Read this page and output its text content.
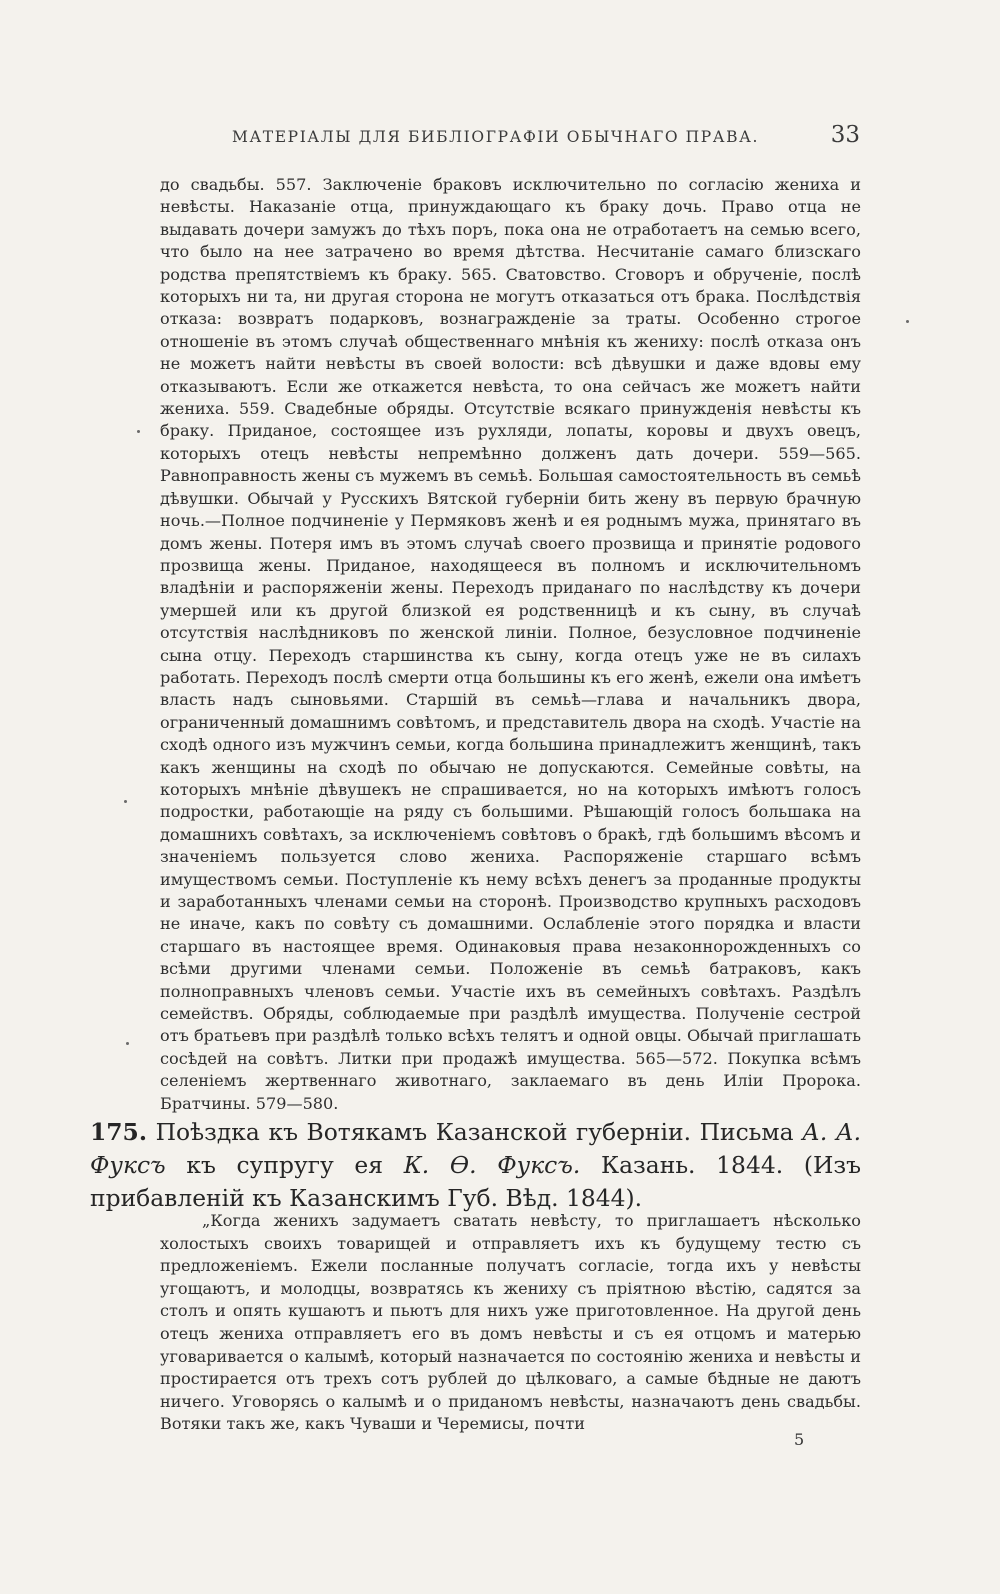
МАТЕРІАЛЫ ДЛЯ БИБЛІОГРАФІИ ОБЫЧНАГО ПРАВА.	33

до свадьбы. 557. Заключеніе браковъ исключительно по согласію жениха и невѣсты. Наказаніе отца, принуждающаго къ браку дочь. Право отца не выдавать дочери замужъ до тѣхъ поръ, пока она не отработаетъ на семью всего, что было на нее затрачено во время дѣтства. Несчитаніе самаго близскаго родства препятствіемъ къ браку. 565. Сватовство. Сговоръ и обрученіе, послѣ которыхъ ни та, ни другая сторона не могутъ отказаться отъ брака. Послѣдствія отказа: возвратъ подарковъ, вознагражденіе за траты. Особенно строгое отношеніе въ этомъ случаѣ общественнаго мнѣнія къ жениху: послѣ отказа онъ не можетъ найти невѣсты въ своей волости: всѣ дѣвушки и даже вдовы ему отказываютъ. Если же откажется невѣста, то она сейчасъ же можетъ найти жениха. 559. Свадебные обряды. Отсутствіе всякаго принужденія невѣсты къ браку. Приданое, состоящее изъ рухляди, лопаты, коровы и двухъ овецъ, которыхъ отецъ невѣсты непремѣнно долженъ дать дочери. 559—565. Равноправность жены съ мужемъ въ семьѣ. Большая самостоятельность въ семьѣ дѣвушки. Обычай у Русскихъ Вятской губерніи бить жену въ первую брачную ночь.—Полное подчиненіе у Пермяковъ женѣ и ея роднымъ мужа, принятаго въ домъ жены. Потеря имъ въ этомъ случаѣ своего прозвища и принятіе родового прозвища жены. Приданое, находящееся въ полномъ и исключительномъ владѣніи и распоряженіи жены. Переходъ приданаго по наслѣдству къ дочери умершей или къ другой близкой ея родственницѣ и къ сыну, въ случаѣ отсутствія наслѣдниковъ по женской линіи. Полное, безусловное подчиненіе сына отцу. Переходъ старшинства къ сыну, когда отецъ уже не въ силахъ работать. Переходъ послѣ смерти отца большины къ его женѣ, ежели она имѣетъ власть надъ сыновьями. Старшій въ семьѣ—глава и начальникъ двора, ограниченный домашнимъ совѣтомъ, и представитель двора на сходѣ. Участіе на сходѣ одного изъ мужчинъ семьи, когда большина принадлежитъ женщинѣ, такъ какъ женщины на сходѣ по обычаю не допускаются. Семейные совѣты, на которыхъ мнѣніе дѣвушекъ не спрашивается, но на которыхъ имѣютъ голосъ подростки, работающіе на ряду съ большими. Рѣшающій голосъ большака на домашнихъ совѣтахъ, за исключеніемъ совѣтовъ о бракѣ, гдѣ большимъ вѣсомъ и значеніемъ пользуется слово жениха. Распоряженіе старшаго всѣмъ имуществомъ семьи. Поступленіе къ нему всѣхъ денегъ за проданные продукты и заработанныхъ членами семьи на сторонѣ. Производство крупныхъ расходовъ не иначе, какъ по совѣту съ домашними. Ослабленіе этого порядка и власти старшаго въ настоящее время. Одинаковыя права незаконнорожденныхъ со всѣми другими членами семьи. Положеніе въ семьѣ батраковъ, какъ полноправныхъ членовъ семьи. Участіе ихъ въ семейныхъ совѣтахъ. Раздѣлъ семействъ. Обряды, соблюдаемые при раздѣлѣ имущества. Полученіе сестрой отъ братьевъ при раздѣлѣ только всѣхъ телятъ и одной овцы. Обычай приглашать сосѣдей на совѣтъ. Литки при продажѣ имущества. 565—572. Покупка всѣмъ селеніемъ жертвеннаго животнаго, заклаемаго въ день Иліи Пророка. Братчины. 579—580.

175. Поѣздка къ Вотякамъ Казанской губерніи. Письма А. А. Фуксъ къ супругу ея К. Ѳ. Фуксъ. Казань. 1844. (Изъ прибавленій къ Казанскимъ Губ. Вѣд. 1844).

„Когда женихъ задумаетъ сватать невѣсту, то приглашаетъ нѣсколько холостыхъ своихъ товарищей и отправляетъ ихъ къ будущему тестю съ предложеніемъ. Ежели посланные получатъ согласіе, тогда ихъ у невѣсты угощаютъ, и молодцы, возвратясь къ жениху съ пріятною вѣстію, садятся за столъ и опять кушаютъ и пьютъ для нихъ уже приготовленное. На другой день отецъ жениха отправляетъ его въ домъ невѣсты и съ ея отцомъ и матерью уговаривается о калымѣ, который назначается по состоянію жениха и невѣсты и простирается отъ трехъ сотъ рублей до цѣлковаго, а самые бѣдные не даютъ ничего. Уговорясь о калымѣ и о приданомъ невѣсты, назначаютъ день свадьбы. Вотяки такъ же, какъ Чуваши и Черемисы, почти

5
